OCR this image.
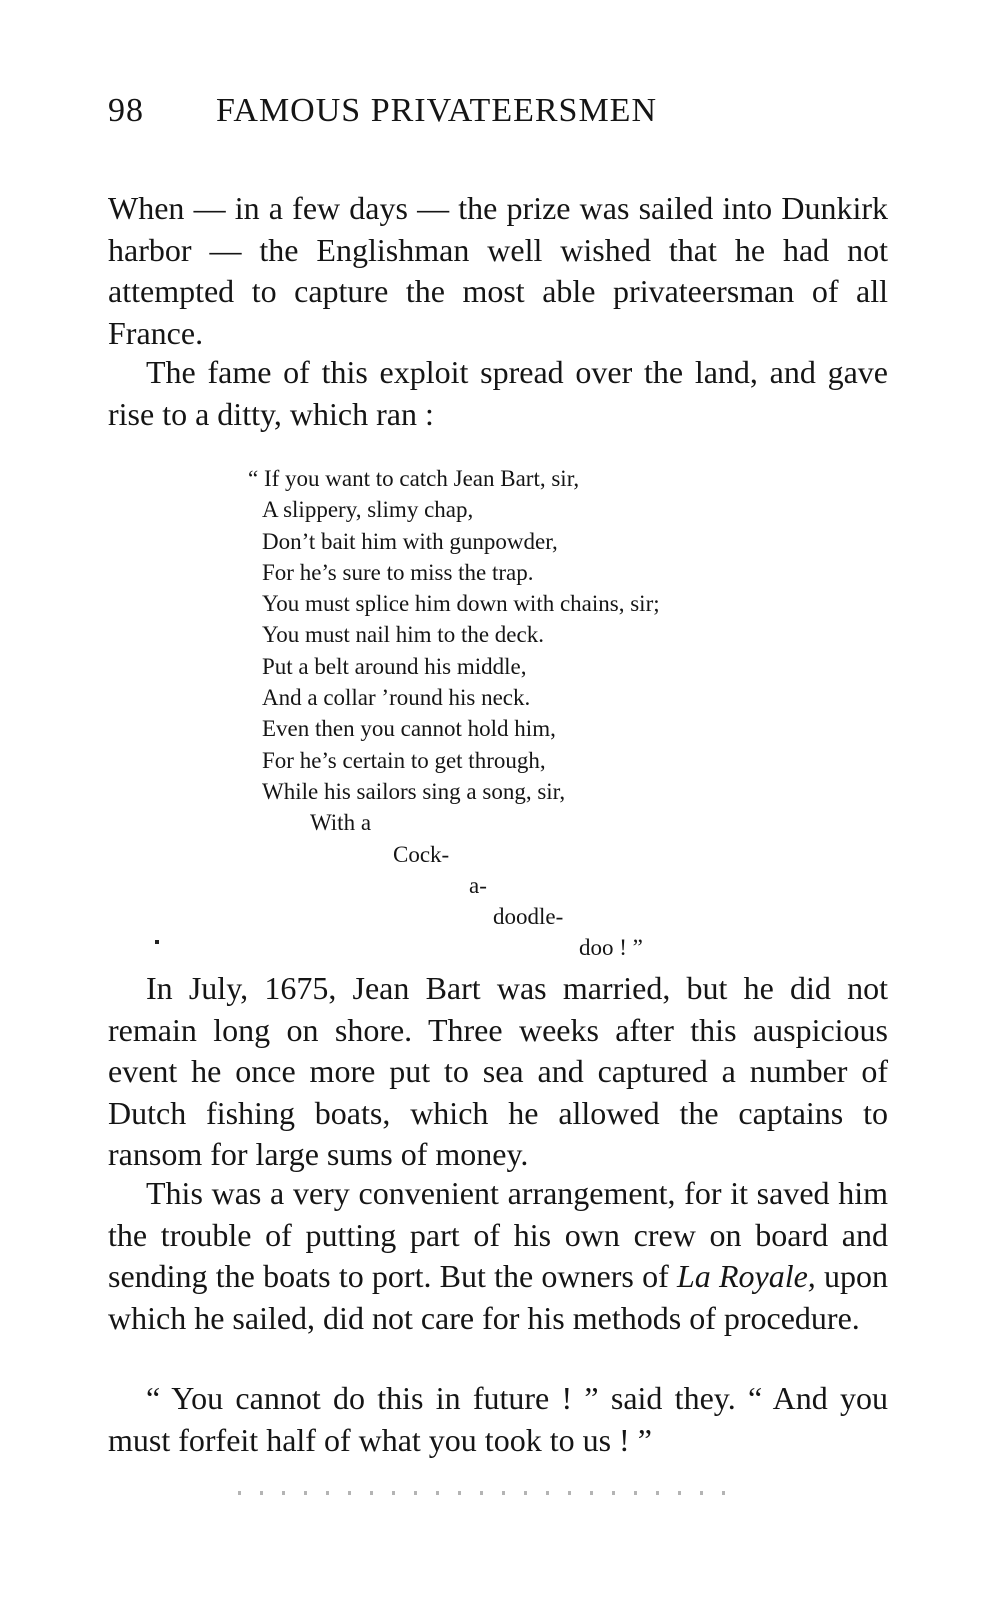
98 FAMOUS PRIVATEERSMEN
When — in a few days — the prize was sailed into Dunkirk harbor — the Englishman well wished that he had not attempted to capture the most able privateersman of all France.
The fame of this exploit spread over the land, and gave rise to a ditty, which ran :
“ If you want to catch Jean Bart, sir,
A slippery, slimy chap,
Don’t bait him with gunpowder,
For he’s sure to miss the trap.
You must splice him down with chains, sir;
You must nail him to the deck.
Put a belt around his middle,
And a collar ’round his neck.
Even then you cannot hold him,
For he’s certain to get through,
While his sailors sing a song, sir,
With a
Cock-
a-
doodle-
doo ! ”
In July, 1675, Jean Bart was married, but he did not remain long on shore. Three weeks after this auspicious event he once more put to sea and captured a number of Dutch fishing boats, which he allowed the captains to ransom for large sums of money.
This was a very convenient arrangement, for it saved him the trouble of putting part of his own crew on board and sending the boats to port. But the owners of La Royale, upon which he sailed, did not care for his methods of procedure.
“ You cannot do this in future ! ” said they. “ And you must forfeit half of what you took to us ! ”
